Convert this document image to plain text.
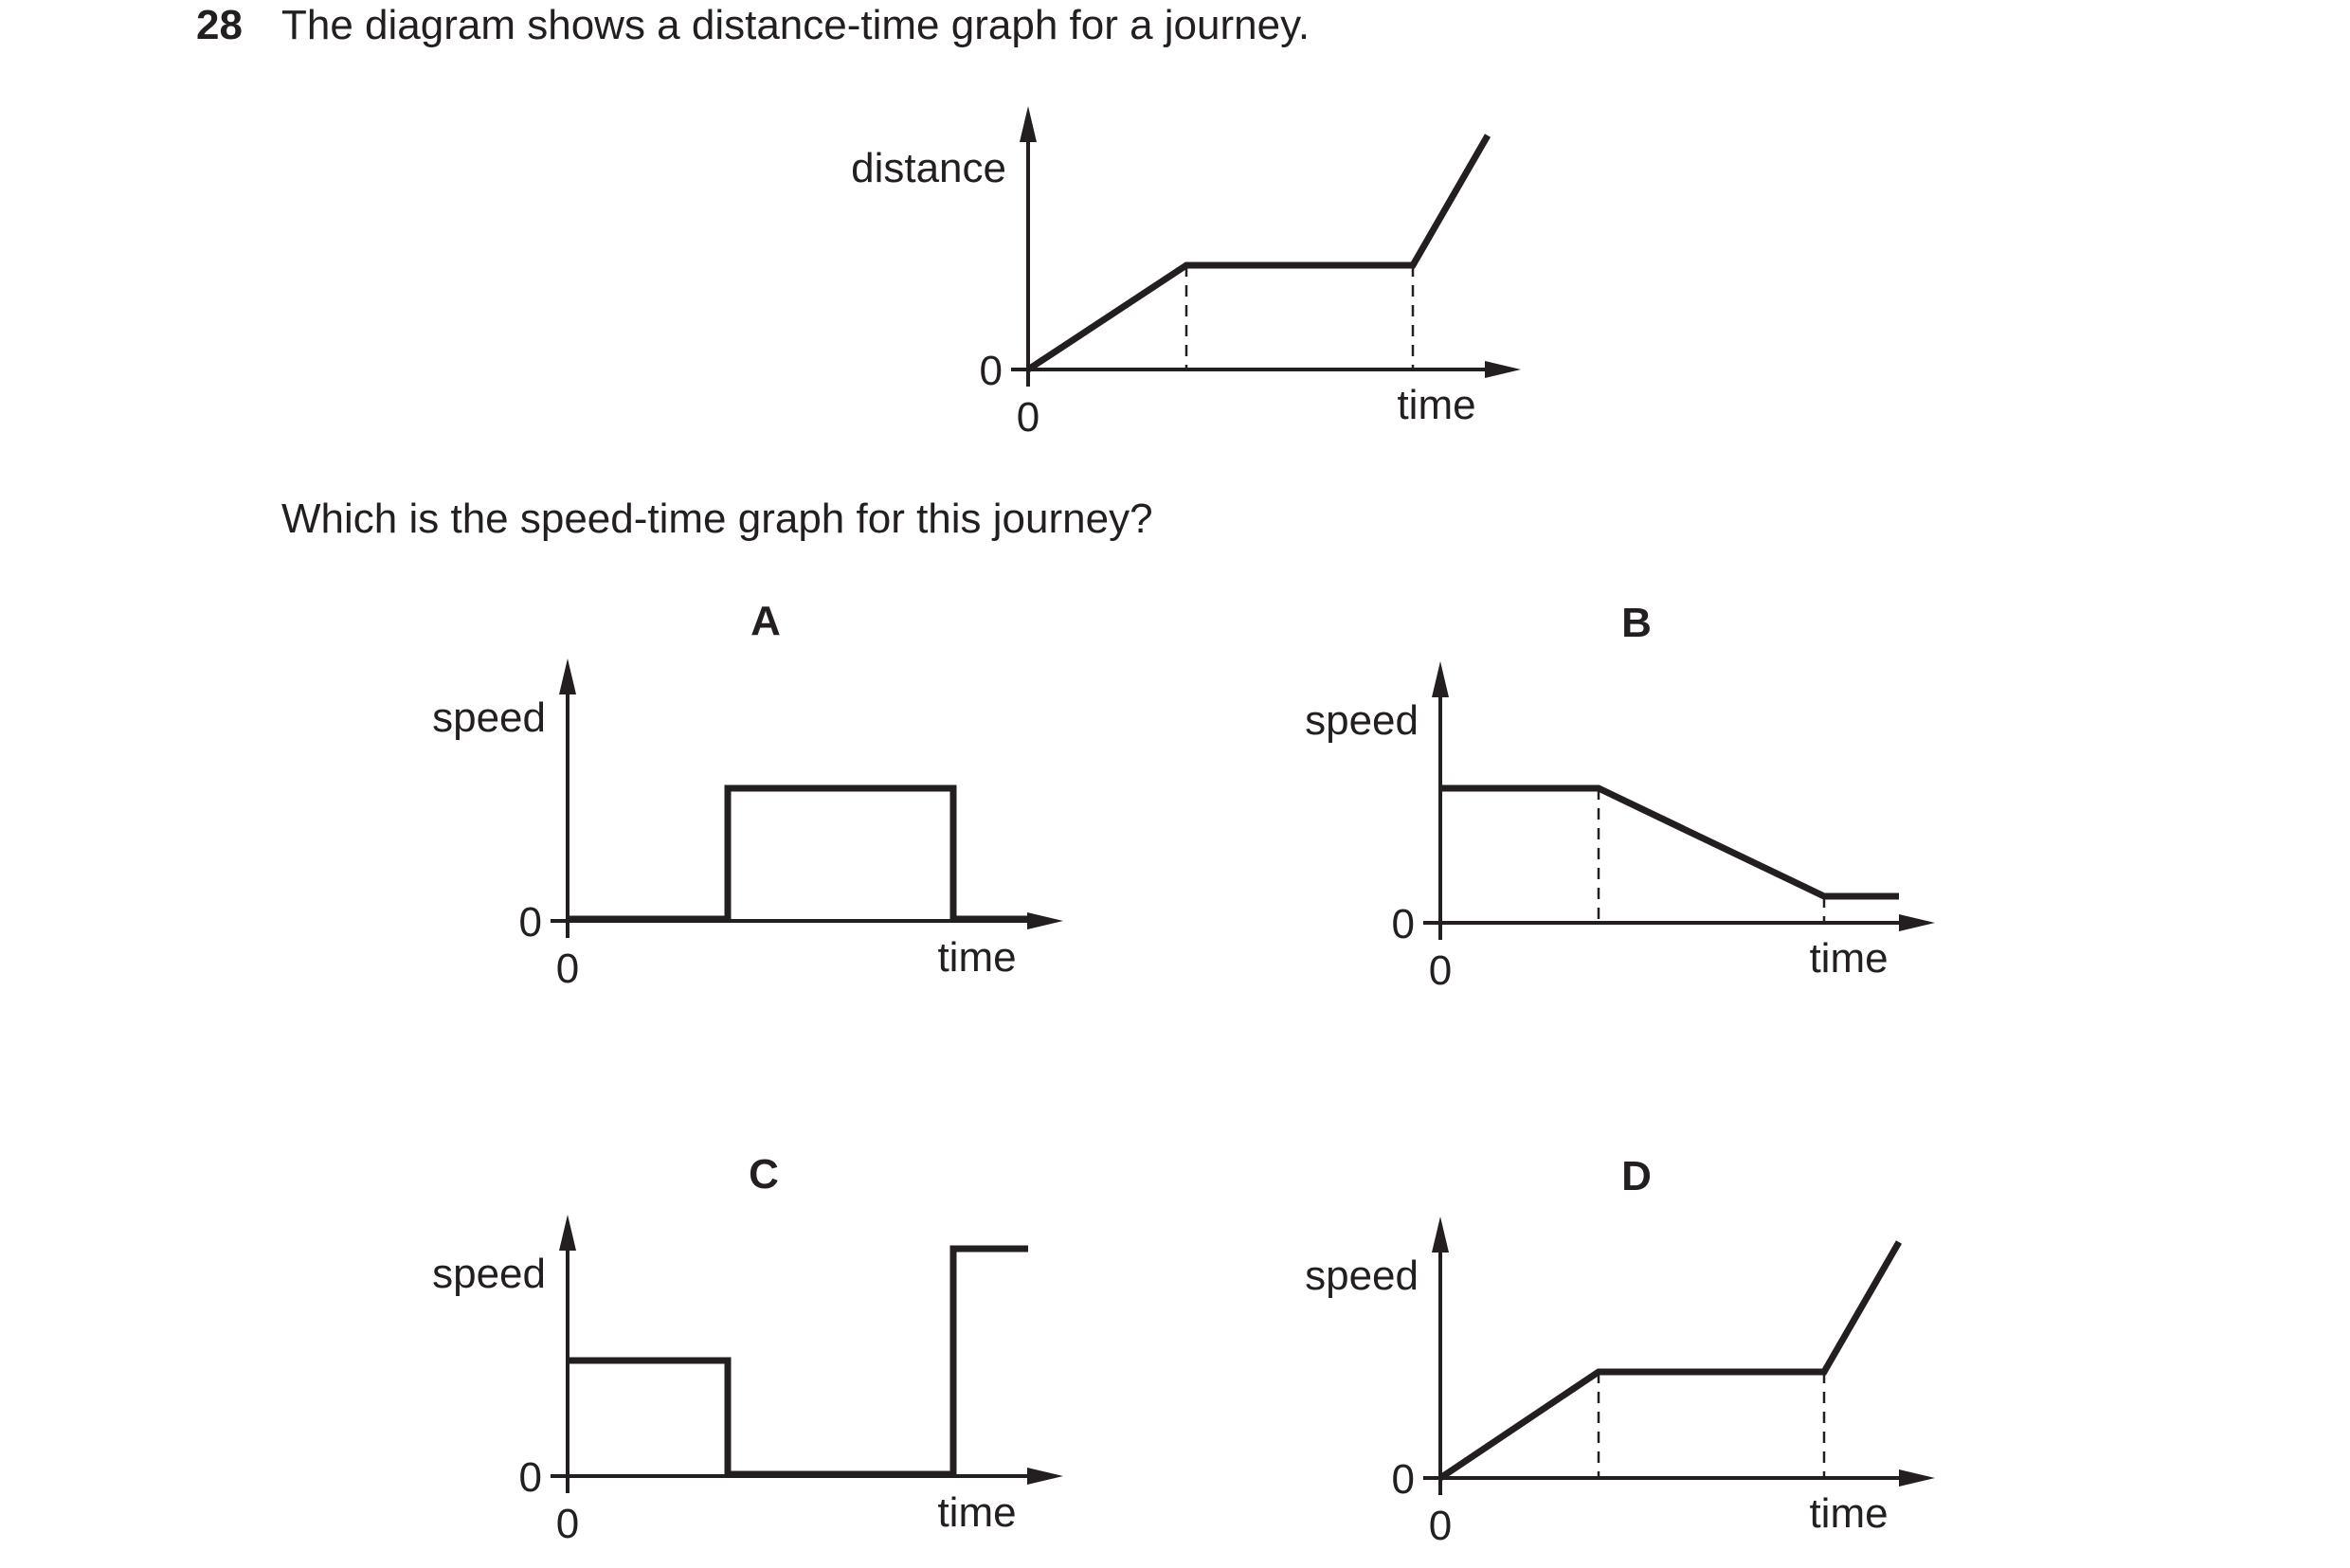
28 The diagram shows a distance-time graph for a journey.
Which is the speed-time graph for this journey?
distance
0
0	time
A
speed
0
0	time
B
speed
0
0	time
C
speed
0
0	time
D
speed
0
0	time
